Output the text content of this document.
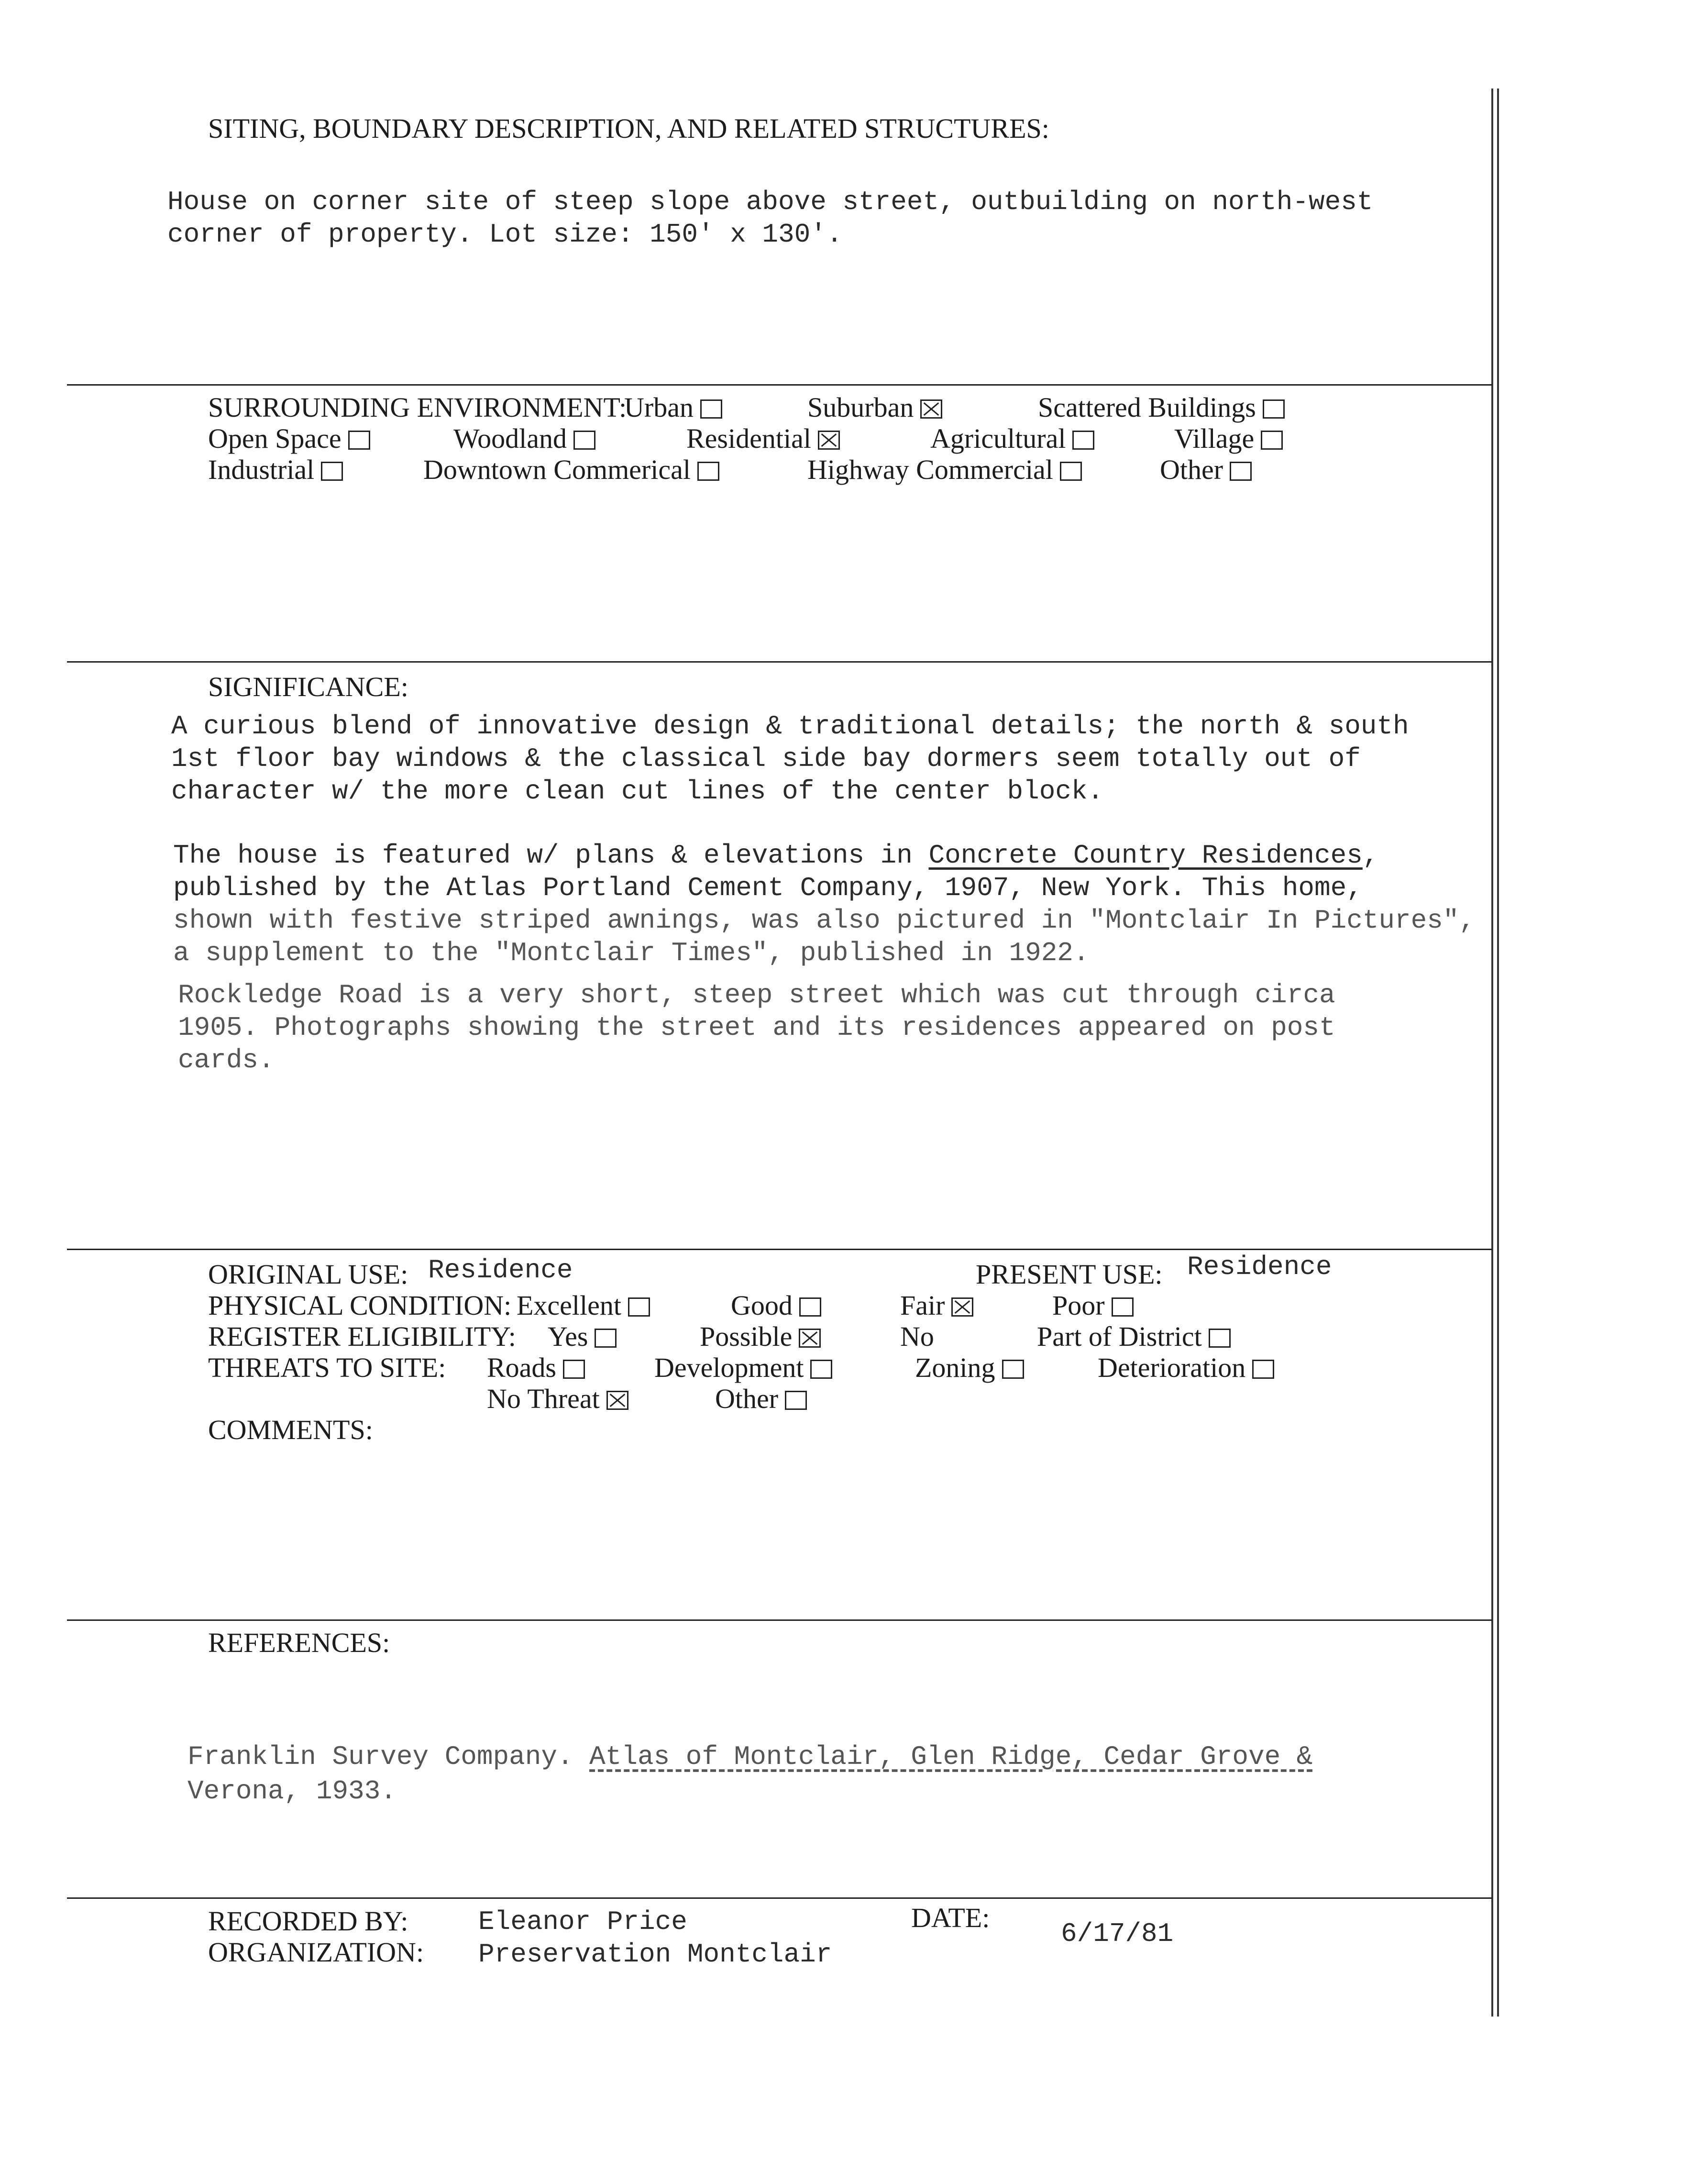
SITING, BOUNDARY DESCRIPTION, AND RELATED STRUCTURES:
House on corner site of steep slope above street, outbuilding on north-west
corner of property. Lot size: 150' x 130'.
SURROUNDING ENVIRONMENT:
Urban	Suburban	Scattered Buildings
Open Space	Woodland	Residential	Agricultural	Village
Industrial	Downtown Commerical	Highway Commercial	Other
SIGNIFICANCE:
A curious blend of innovative design & traditional details; the north & south
1st floor bay windows & the classical side bay dormers seem totally out of
character w/ the more clean cut lines of the center block.
The house is featured w/ plans & elevations in Concrete Country Residences,
published by the Atlas Portland Cement Company, 1907, New York. This home,
shown with festive striped awnings, was also pictured in "Montclair In Pictures",
a supplement to the "Montclair Times", published in 1922.
Rockledge Road is a very short, steep street which was cut through circa
1905. Photographs showing the street and its residences appeared on post
cards.
ORIGINAL USE: Residence	PRESENT USE: Residence
PHYSICAL CONDITION: Excellent	Good	Fair	Poor
REGISTER ELIGIBILITY: Yes	Possible	No	Part of District
THREATS TO SITE: Roads	Development	Zoning	Deterioration
No Threat	Other
COMMENTS:
REFERENCES:
Franklin Survey Company. Atlas of Montclair, Glen Ridge, Cedar Grove &
Verona, 1933.
RECORDED BY:	Eleanor Price
ORGANIZATION: Preservation Montclair
DATE:
6/17/81
